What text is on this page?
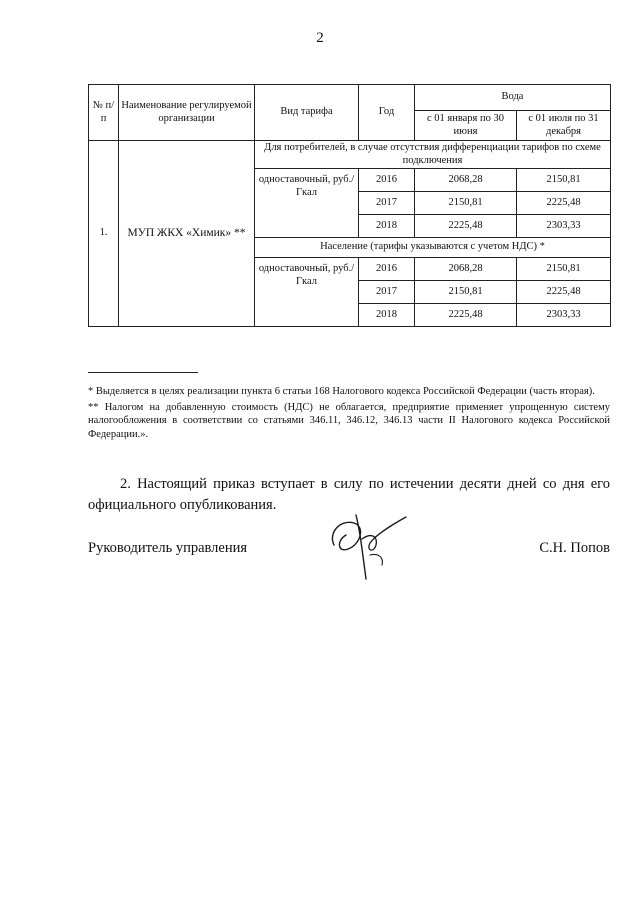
2
№ п/п	Наименование регулируемой организации	Вид тарифа	Год	Вода	
				с 01 января по 30 июня	с 01 июля по 31 декабря
1.	МУП ЖКХ «Химик» **	Для потребителей, в случае отсутствия дифференциации тарифов по схеме подключения			
		одноставочный, руб./Гкал	2016	2068,28	2150,81
			2017	2150,81	2225,48
			2018	2225,48	2303,33
		Население (тарифы указываются с учетом НДС) *			
		одноставочный, руб./Гкал	2016	2068,28	2150,81
			2017	2150,81	2225,48
			2018	2225,48	2303,33

* Выделяется в целях реализации пункта 6 статьи 168 Налогового кодекса Российской Федерации (часть вторая).

** Налогом на добавленную стоимость (НДС) не облагается, предприятие применяет упрощенную систему налогообложения в соответствии со статьями 346.11, 346.12, 346.13 части II Налогового кодекса Российской Федерации.».

2. Настоящий приказ вступает в силу по истечении десяти дней со дня его официального опубликования.
Руководитель управления	С.Н. Попов
